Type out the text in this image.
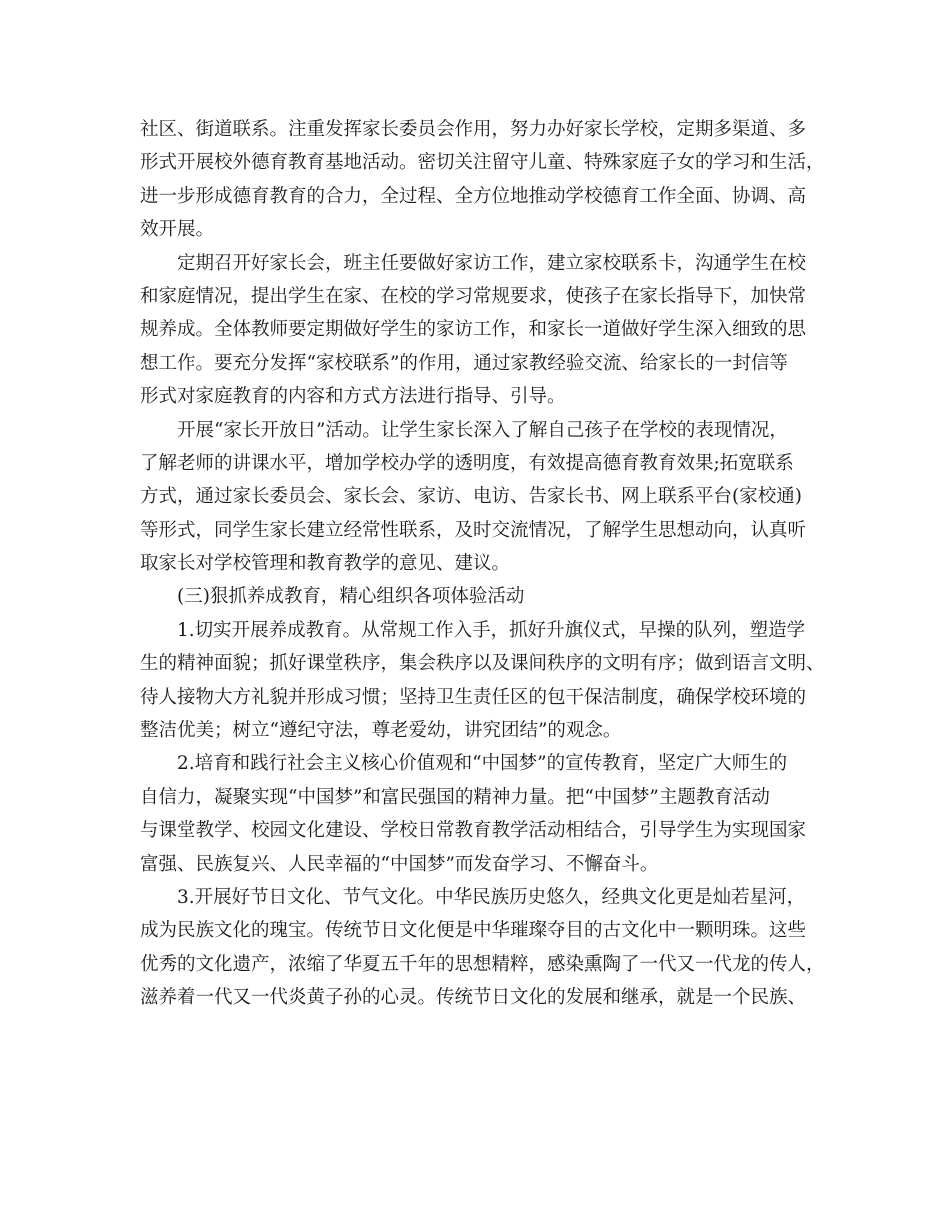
社区、街道联系。注重发挥家长委员会作用，努力办好家长学校，定期多渠道、多
形式开展校外德育教育基地活动。密切关注留守儿童、特殊家庭子女的学习和生活，
进一步形成德育教育的合力，全过程、全方位地推动学校德育工作全面、协调、高
效开展。

定期召开好家长会，班主任要做好家访工作，建立家校联系卡，沟通学生在校
和家庭情况，提出学生在家、在校的学习常规要求，使孩子在家长指导下，加快常
规养成。全体教师要定期做好学生的家访工作，和家长一道做好学生深入细致的思
想工作。要充分发挥“家校联系”的作用，通过家教经验交流、给家长的一封信等
形式对家庭教育的内容和方式方法进行指导、引导。

开展“家长开放日”活动。让学生家长深入了解自己孩子在学校的表现情况，
了解老师的讲课水平，增加学校办学的透明度，有效提高德育教育效果;拓宽联系
方式，通过家长委员会、家长会、家访、电访、告家长书、网上联系平台(家校通)
等形式，同学生家长建立经常性联系，及时交流情况，了解学生思想动向，认真听
取家长对学校管理和教育教学的意见、建议。

(三)狠抓养成教育，精心组织各项体验活动

1.切实开展养成教育。从常规工作入手，抓好升旗仪式，早操的队列，塑造学
生的精神面貌；抓好课堂秩序，集会秩序以及课间秩序的文明有序；做到语言文明、
待人接物大方礼貌并形成习惯；坚持卫生责任区的包干保洁制度，确保学校环境的
整洁优美；树立“遵纪守法，尊老爱幼，讲究团结”的观念。

2.培育和践行社会主义核心价值观和“中国梦”的宣传教育，坚定广大师生的
自信力，凝聚实现“中国梦”和富民强国的精神力量。把“中国梦”主题教育活动
与课堂教学、校园文化建设、学校日常教育教学活动相结合，引导学生为实现国家
富强、民族复兴、人民幸福的“中国梦”而发奋学习、不懈奋斗。

3.开展好节日文化、节气文化。中华民族历史悠久，经典文化更是灿若星河，
成为民族文化的瑰宝。传统节日文化便是中华璀璨夺目的古文化中一颗明珠。这些
优秀的文化遗产，浓缩了华夏五千年的思想精粹，感染熏陶了一代又一代龙的传人，
滋养着一代又一代炎黄子孙的心灵。传统节日文化的发展和继承，就是一个民族、
